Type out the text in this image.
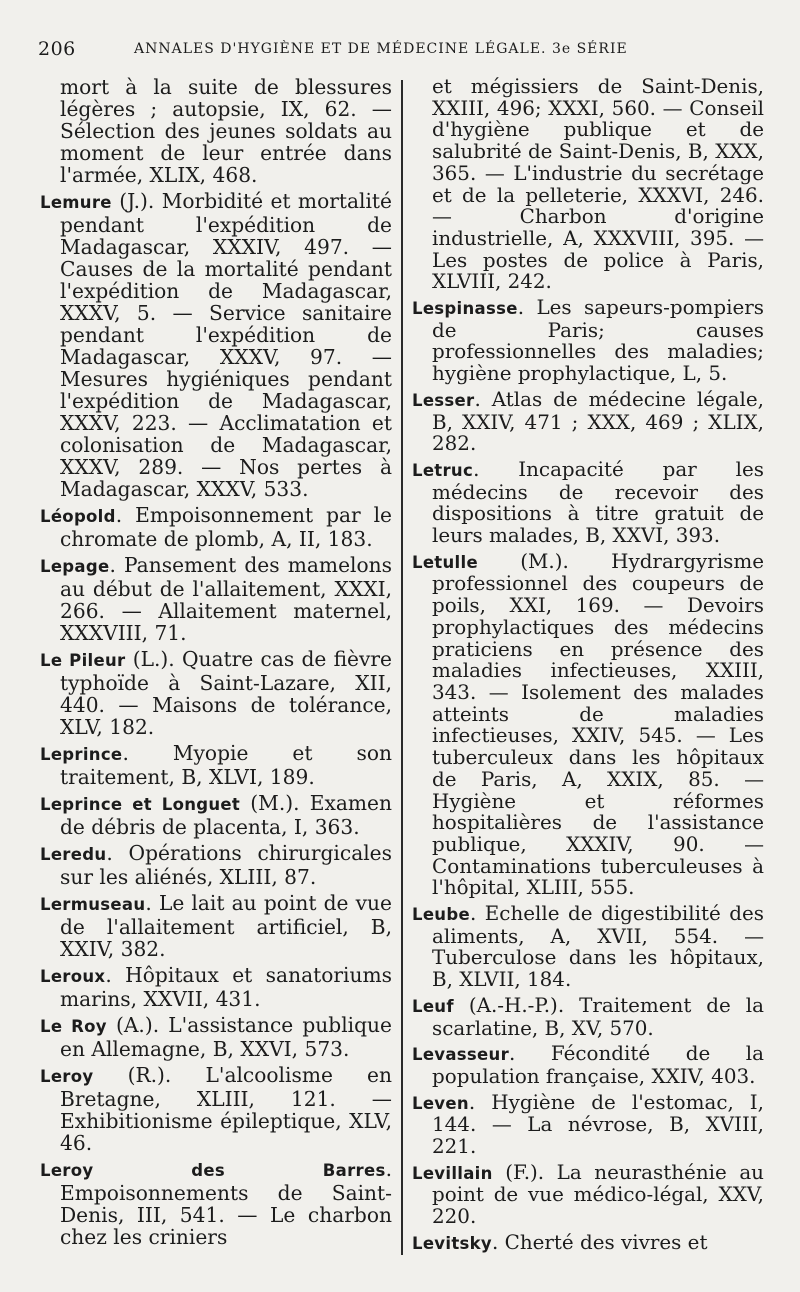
206	ANNALES D'HYGIÈNE ET DE MÉDECINE LÉGALE. 3e SÉRIE

mort à la suite de blessures légères ; autopsie, IX, 62. — Sélection des jeunes soldats au moment de leur entrée dans l'armée, XLIX, 468.

Lemure (J.). Morbidité et mortalité pendant l'expédition de Madagascar, XXXIV, 497. — Causes de la mortalité pendant l'expédition de Madagascar, XXXV, 5. — Service sanitaire pendant l'expédition de Madagascar, XXXV, 97. — Mesures hygiéniques pendant l'expédition de Madagascar, XXXV, 223. — Acclimatation et colonisation de Madagascar, XXXV, 289. — Nos pertes à Madagascar, XXXV, 533.

Léopold. Empoisonnement par le chromate de plomb, A, II, 183.

Lepage. Pansement des mamelons au début de l'allaitement, XXXI, 266. — Allaitement maternel, XXXVIII, 71.

Le Pileur (L.). Quatre cas de fièvre typhoïde à Saint-Lazare, XII, 440. — Maisons de tolérance, XLV, 182.

Leprince. Myopie et son traitement, B, XLVI, 189.

Leprince et Longuet (M.). Examen de débris de placenta, I, 363.

Leredu. Opérations chirurgicales sur les aliénés, XLIII, 87.

Lermuseau. Le lait au point de vue de l'allaitement artificiel, B, XXIV, 382.

Leroux. Hôpitaux et sanatoriums marins, XXVII, 431.

Le Roy (A.). L'assistance publique en Allemagne, B, XXVI, 573.

Leroy (R.). L'alcoolisme en Bretagne, XLIII, 121. — Exhibitionisme épileptique, XLV, 46.

Leroy des Barres. Empoisonnements de Saint-Denis, III, 541. — Le charbon chez les criniers

et mégissiers de Saint-Denis, XXIII, 496; XXXI, 560. — Conseil d'hygiène publique et de salubrité de Saint-Denis, B, XXX, 365. — L'industrie du secrétage et de la pelleterie, XXXVI, 246. — Charbon d'origine industrielle, A, XXXVIII, 395. — Les postes de police à Paris, XLVIII, 242.

Lespinasse. Les sapeurs-pompiers de Paris; causes professionnelles des maladies; hygiène prophylactique, L, 5.

Lesser. Atlas de médecine légale, B, XXIV, 471 ; XXX, 469 ; XLIX, 282.

Letruc. Incapacité par les médecins de recevoir des dispositions à titre gratuit de leurs malades, B, XXVI, 393.

Letulle (M.). Hydrargyrisme professionnel des coupeurs de poils, XXI, 169. — Devoirs prophylactiques des médecins praticiens en présence des maladies infectieuses, XXIII, 343. — Isolement des malades atteints de maladies infectieuses, XXIV, 545. — Les tuberculeux dans les hôpitaux de Paris, A, XXIX, 85. — Hygiène et réformes hospitalières de l'assistance publique, XXXIV, 90. — Contaminations tuberculeuses à l'hôpital, XLIII, 555.

Leube. Echelle de digestibilité des aliments, A, XVII, 554. — Tuberculose dans les hôpitaux, B, XLVII, 184.

Leuf (A.-H.-P.). Traitement de la scarlatine, B, XV, 570.

Levasseur. Fécondité de la population française, XXIV, 403.

Leven. Hygiène de l'estomac, I, 144. — La névrose, B, XVIII, 221.

Levillain (F.). La neurasthénie au point de vue médico-légal, XXV, 220.

Levitsky. Cherté des vivres et
